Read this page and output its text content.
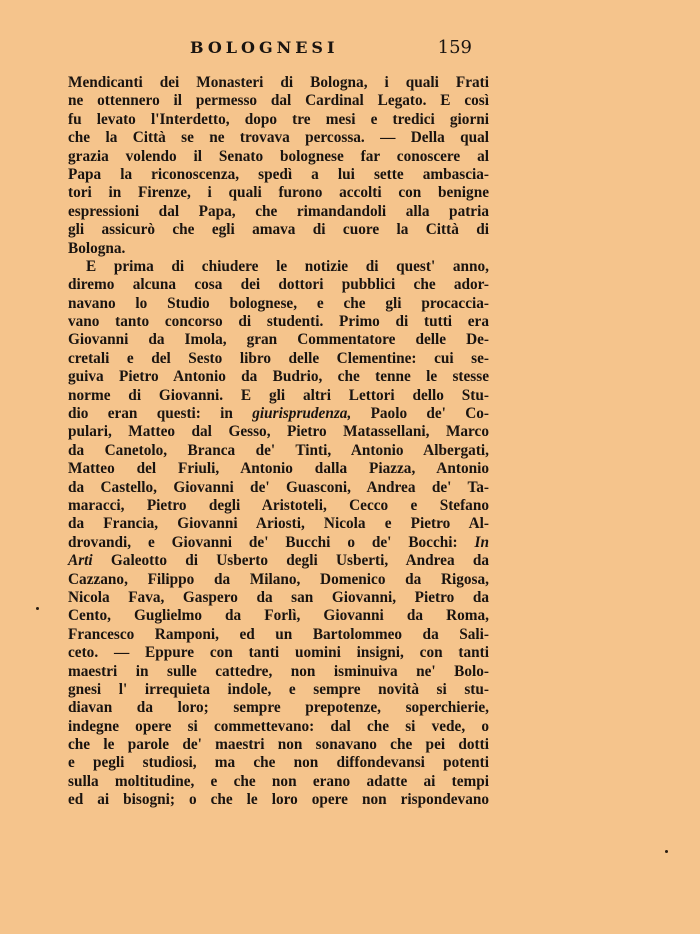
BOLOGNESI	159
Mendicanti dei Monasteri di Bologna, i quali Frati
ne ottennero il permesso dal Cardinal Legato. E così
fu levato l'Interdetto, dopo tre mesi e tredici giorni
che la Città se ne trovava percossa. — Della qual
grazia volendo il Senato bolognese far conoscere al
Papa la riconoscenza, spedì a lui sette ambascia-
tori in Firenze, i quali furono accolti con benigne
espressioni dal Papa, che rimandandoli alla patria
gli assicurò che egli amava di cuore la Città di
Bologna.
E prima di chiudere le notizie di quest' anno,
diremo alcuna cosa dei dottori pubblici che ador-
navano lo Studio bolognese, e che gli procaccia-
vano tanto concorso di studenti. Primo di tutti era
Giovanni da Imola, gran Commentatore delle De-
cretali e del Sesto libro delle Clementine: cui se-
guiva Pietro Antonio da Budrio, che tenne le stesse
norme di Giovanni. E gli altri Lettori dello Stu-
dio eran questi: in giurisprudenza, Paolo de' Co-
pulari, Matteo dal Gesso, Pietro Matassellani, Marco
da Canetolo, Branca de' Tinti, Antonio Albergati,
Matteo del Friuli, Antonio dalla Piazza, Antonio
da Castello, Giovanni de' Guasconi, Andrea de' Ta-
maracci, Pietro degli Aristoteli, Cecco e Stefano
da Francia, Giovanni Ariosti, Nicola e Pietro Al-
drovandi, e Giovanni de' Bucchi o de' Bocchi: In
Arti Galeotto di Usberto degli Usberti, Andrea da
Cazzano, Filippo da Milano, Domenico da Rigosa,
Nicola Fava, Gaspero da san Giovanni, Pietro da
Cento, Guglielmo da Forlì, Giovanni da Roma,
Francesco Ramponi, ed un Bartolommeo da Sali-
ceto. — Eppure con tanti uomini insigni, con tanti
maestri in sulle cattedre, non isminuiva ne' Bolo-
gnesi l' irrequieta indole, e sempre novità si stu-
diavan da loro; sempre prepotenze, soperchierie,
indegne opere si commettevano: dal che si vede, o
che le parole de' maestri non sonavano che pei dotti
e pegli studiosi, ma che non diffondevansi potenti
sulla moltitudine, e che non erano adatte ai tempi
ed ai bisogni; o che le loro opere non rispondevano
